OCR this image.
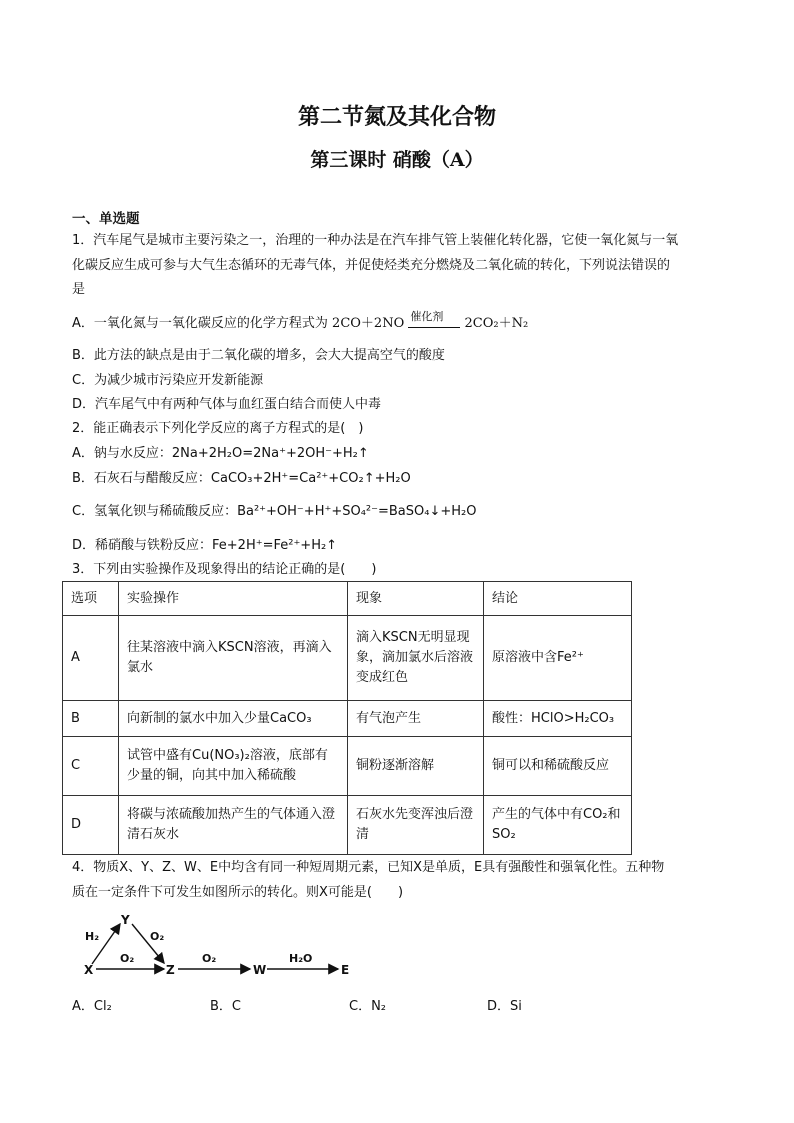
第二节氮及其化合物
第三课时 硝酸（A）
一、单选题
1．汽车尾气是城市主要污染之一，治理的一种办法是在汽车排气管上装催化转化器，它使一氧化氮与一氧
化碳反应生成可参与大气生态循环的无毒气体，并促使烃类充分燃烧及二氧化硫的转化，下列说法错误的
是
A．一氧化氮与一氧化碳反应的化学方程式为 2CO＋2NO 催化剂 2CO₂＋N₂
B．此方法的缺点是由于二氧化碳的增多，会大大提高空气的酸度
C．为减少城市污染应开发新能源
D．汽车尾气中有两种气体与血红蛋白结合而使人中毒
2．能正确表示下列化学反应的离子方程式的是(　)
A．钠与水反应：2Na+2H₂O=2Na⁺+2OH⁻+H₂↑
B．石灰石与醋酸反应：CaCO₃+2H⁺=Ca²⁺+CO₂↑+H₂O
C．氢氧化钡与稀硫酸反应：Ba²⁺+OH⁻+H⁺+SO₄²⁻=BaSO₄↓+H₂O
D．稀硝酸与铁粉反应：Fe+2H⁺=Fe²⁺+H₂↑
3．下列由实验操作及现象得出的结论正确的是(　　)
选项	实验操作	现象	结论
A	往某溶液中滴入KSCN溶液，再滴入氯水	滴入KSCN无明显现象，滴加氯水后溶液变成红色	原溶液中含Fe²⁺
B	向新制的氯水中加入少量CaCO₃	有气泡产生	酸性：HClO>H₂CO₃
C	试管中盛有Cu(NO₃)₂溶液，底部有少量的铜，向其中加入稀硫酸	铜粉逐渐溶解	铜可以和稀硫酸反应
D	将碳与浓硫酸加热产生的气体通入澄清石灰水	石灰水先变浑浊后澄清	产生的气体中有CO₂和SO₂
4．物质X、Y、Z、W、E中均含有同一种短周期元素，已知X是单质，E具有强酸性和强氧化性。五种物
质在一定条件下可发生如图所示的转化。则X可能是(　　)
X
Y
Z	W	E
H₂	O₂
O₂	O₂	H₂O
A．Cl₂	B．C	C．N₂	D．Si
